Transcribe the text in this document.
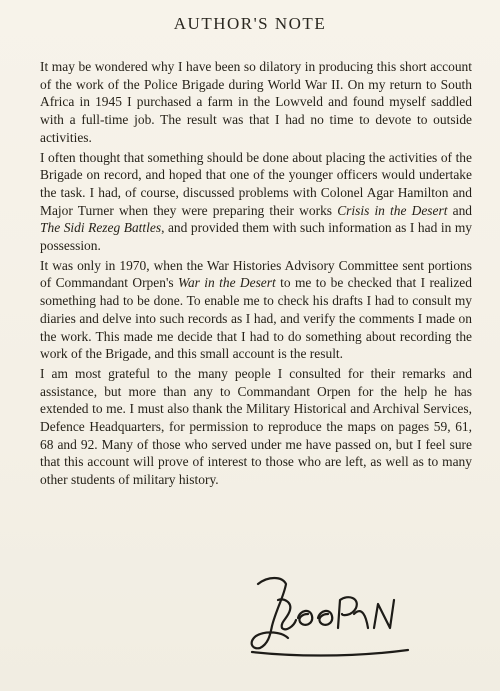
AUTHOR'S NOTE

It may be wondered why I have been so dilatory in producing this short account of the work of the Police Brigade during World War II. On my return to South Africa in 1945 I purchased a farm in the Lowveld and found myself saddled with a full-time job. The result was that I had no time to devote to outside activities.

I often thought that something should be done about placing the activities of the Brigade on record, and hoped that one of the younger officers would undertake the task. I had, of course, discussed problems with Colonel Agar Hamilton and Major Turner when they were preparing their works Crisis in the Desert and The Sidi Rezeg Battles, and provided them with such information as I had in my possession.

It was only in 1970, when the War Histories Advisory Committee sent portions of Commandant Orpen's War in the Desert to me to be checked that I realized something had to be done. To enable me to check his drafts I had to consult my diaries and delve into such records as I had, and verify the comments I made on the work. This made me decide that I had to do something about recording the work of the Brigade, and this small account is the result.

I am most grateful to the many people I consulted for their remarks and assistance, but more than any to Commandant Orpen for the help he has extended to me. I must also thank the Military Historical and Archival Services, Defence Headquarters, for permission to reproduce the maps on pages 59, 61, 68 and 92. Many of those who served under me have passed on, but I feel sure that this account will prove of interest to those who are left, as well as to many other students of military history.
